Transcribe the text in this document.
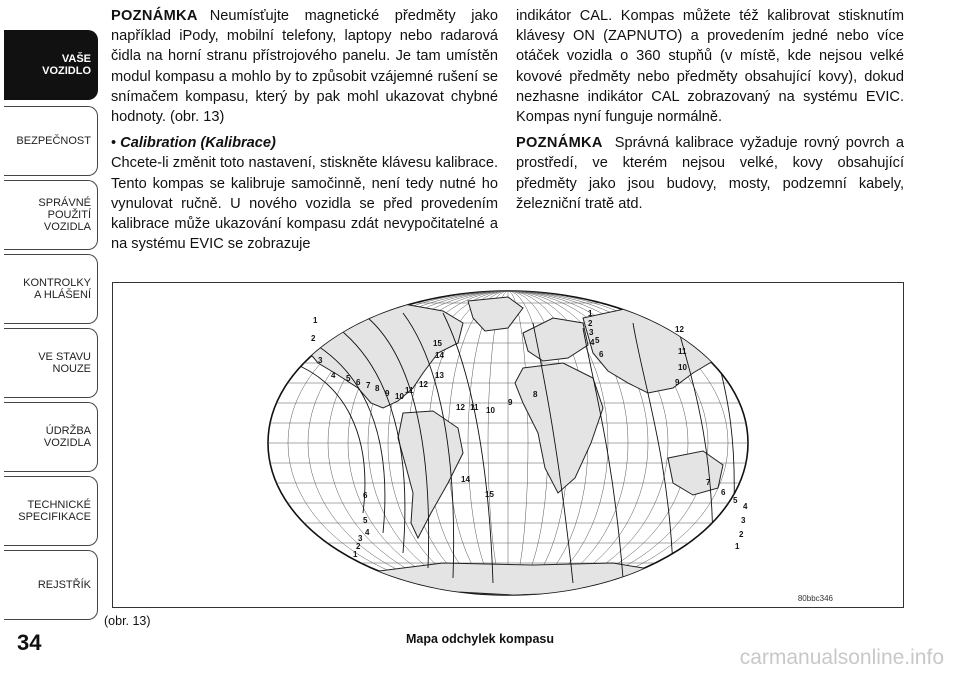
VAŠE
VOZIDLO
BEZPEČNOST
SPRÁVNÉ
POUŽITÍ
VOZIDLA
KONTROLKY
A HLÁŠENÍ
VE STAVU
NOUZE
ÚDRŽBA
VOZIDLA
TECHNICKÉ
SPECIFIKACE
REJSTŘÍK
34

POZNÁMKA Neumísťujte magnetické předměty jako například iPody, mobilní telefony, laptopy nebo radarová čidla na horní stranu přístrojového panelu. Je tam umístěn modul kompasu a mohlo by to způsobit vzájemné rušení se snímačem kompasu, který by pak mohl ukazovat chybné hodnoty. (obr. 13)

• Calibration (Kalibrace)

Chcete-li změnit toto nastavení, stiskněte klávesu kalibrace. Tento kompas se kalibruje samočinně, není tedy nutné ho vynulovat ručně. U nového vozidla se před provedením kalibrace může ukazování kompasu zdát nevypočitatelné a na systému EVIC se zobrazuje

indikátor CAL. Kompas můžete též kalibrovat stisknutím klávesy ON (ZAPNUTO) a provedením jedné nebo více otáček vozidla o 360 stupňů (v místě, kde nejsou velké kovové předměty nebo předměty obsahující kovy), dokud nezhasne indikátor CAL zobrazovaný na systému EVIC. Kompas nyní funguje normálně.

POZNÁMKA Správná kalibrace vyžaduje rovný povrch a prostředí, ve kterém nejsou velké, kovy obsahující předměty jako jsou budovy, mosty, podzemní kabely, železniční tratě atd.

1
2
3
4 5 6 7 8
9 10
11
12
13
14
15
12 11 10
9
8
14
15
1
2
3
4 5
6
12
11
10
9
7
6
5
4
3
2
1
6
5
4
3
2
1
80bbc346
(obr. 13)
Mapa odchylek kompasu
carmanualsonline.info
